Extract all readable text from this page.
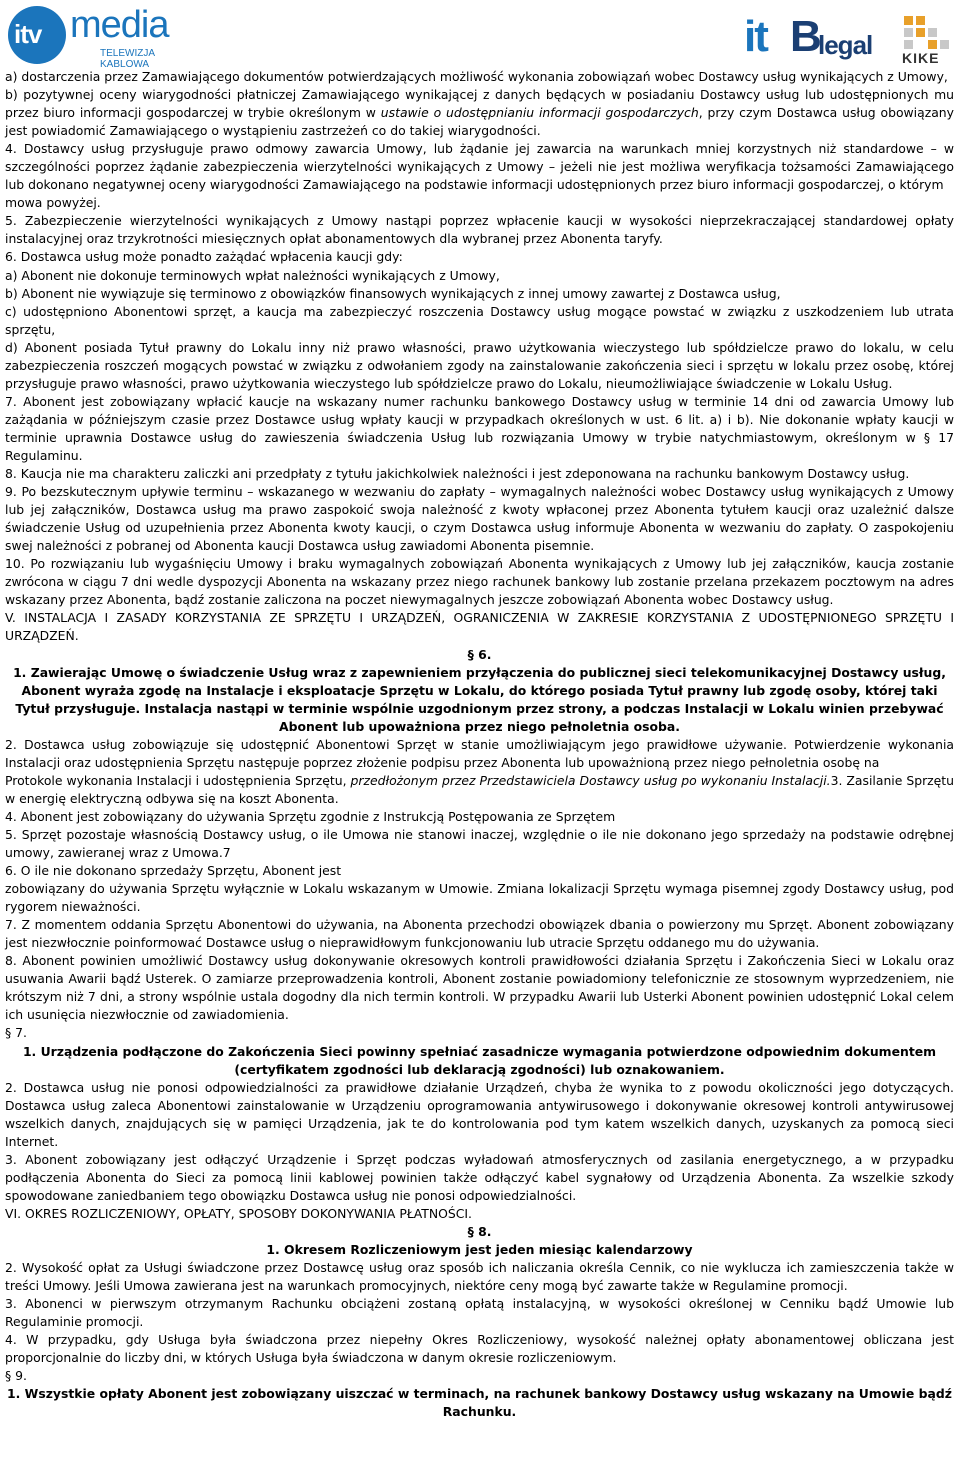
itv media
TELEWIZJA KABLOWA
it B
legal KIKE

a) dostarczenia przez Zamawiającego dokumentów potwierdzających możliwość wykonania zobowiązań wobec Dostawcy usług wynikających z Umowy,

b) pozytywnej oceny wiarygodności płatniczej Zamawiającego wynikającej z danych będących w posiadaniu Dostawcy usług lub udostępnionych mu przez biuro informacji gospodarczej w trybie określonym w ustawie o udostępnianiu informacji gospodarczych, przy czym Dostawca usług obowiązany jest powiadomić Zamawiającego o wystąpieniu zastrzeżeń co do takiej wiarygodności.

4. Dostawcy usług przysługuje prawo odmowy zawarcia Umowy, lub żądanie jej zawarcia na warunkach mniej korzystnych niż standardowe – w szczególności poprzez żądanie zabezpieczenia wierzytelności wynikających z Umowy – jeżeli nie jest możliwa weryfikacja tożsamości Zamawiającego lub dokonano negatywnej oceny wiarygodności Zamawiającego na podstawie informacji udostępnionych przez biuro informacji gospodarczej, o którym

mowa powyżej.

5. Zabezpieczenie wierzytelności wynikających z Umowy nastąpi poprzez wpłacenie kaucji w wysokości nieprzekraczającej standardowej opłaty instalacyjnej oraz trzykrotności miesięcznych opłat abonamentowych dla wybranej przez Abonenta taryfy.

6. Dostawca usług może ponadto zażądać wpłacenia kaucji gdy:

a) Abonent nie dokonuje terminowych wpłat należności wynikających z Umowy,

b) Abonent nie wywiązuje się terminowo z obowiązków finansowych wynikających z innej umowy zawartej z Dostawca usług,

c) udostępniono Abonentowi sprzęt, a kaucja ma zabezpieczyć roszczenia Dostawcy usług mogące powstać w związku z uszkodzeniem lub utrata sprzętu,

d) Abonent posiada Tytuł prawny do Lokalu inny niż prawo własności, prawo użytkowania wieczystego lub spółdzielcze prawo do lokalu, w celu zabezpieczenia roszczeń mogących powstać w związku z odwołaniem zgody na zainstalowanie zakończenia sieci i sprzętu w lokalu przez osobę, której przysługuje prawo własności, prawo użytkowania wieczystego lub spółdzielcze prawo do Lokalu, nieumożliwiające świadczenie w Lokalu Usług.

7. Abonent jest zobowiązany wpłacić kaucje na wskazany numer rachunku bankowego Dostawcy usług w terminie 14 dni od zawarcia Umowy lub zażądania w późniejszym czasie przez Dostawce usług wpłaty kaucji w przypadkach określonych w ust. 6 lit. a) i b). Nie dokonanie wpłaty kaucji w terminie uprawnia Dostawce usług do zawieszenia świadczenia Usług lub rozwiązania Umowy w trybie natychmiastowym, określonym w § 17 Regulaminu.

8. Kaucja nie ma charakteru zaliczki ani przedpłaty z tytułu jakichkolwiek należności i jest zdeponowana na rachunku bankowym Dostawcy usług.

9. Po bezskutecznym upływie terminu – wskazanego w wezwaniu do zapłaty – wymagalnych należności wobec Dostawcy usług wynikających z Umowy lub jej załączników, Dostawca usług ma prawo zaspokoić swoja należność z kwoty wpłaconej przez Abonenta tytułem kaucji oraz uzależnić dalsze świadczenie Usług od uzupełnienia przez Abonenta kwoty kaucji, o czym Dostawca usług informuje Abonenta w wezwaniu do zapłaty. O zaspokojeniu swej należności z pobranej od Abonenta kaucji Dostawca usług zawiadomi Abonenta pisemnie.

10. Po rozwiązaniu lub wygaśnięciu Umowy i braku wymagalnych zobowiązań Abonenta wynikających z Umowy lub jej załączników, kaucja zostanie zwrócona w ciągu 7 dni wedle dyspozycji Abonenta na wskazany przez niego rachunek bankowy lub zostanie przelana przekazem pocztowym na adres wskazany przez Abonenta, bądź zostanie zaliczona na poczet niewymagalnych jeszcze zobowiązań Abonenta wobec Dostawcy usług.

V. INSTALACJA I ZASADY KORZYSTANIA ZE SPRZĘTU I URZĄDZEŃ, OGRANICZENIA W ZAKRESIE KORZYSTANIA Z UDOSTĘPNIONEGO SPRZĘTU I URZĄDZEŃ.

§ 6.

1. Zawierając Umowę o świadczenie Usług wraz z zapewnieniem przyłączenia do publicznej sieci telekomunikacyjnej Dostawcy usług, Abonent wyraża zgodę na Instalacje i eksploatacje Sprzętu w Lokalu, do którego posiada Tytuł prawny lub zgodę osoby, której taki Tytuł przysługuje. Instalacja nastąpi w terminie wspólnie uzgodnionym przez strony, a podczas Instalacji w Lokalu winien przebywać Abonent lub upoważniona przez niego pełnoletnia osoba.

2. Dostawca usług zobowiązuje się udostępnić Abonentowi Sprzęt w stanie umożliwiającym jego prawidłowe używanie. Potwierdzenie wykonania Instalacji oraz udostępnienia Sprzętu następuje poprzez złożenie podpisu przez Abonenta lub upoważnioną przez niego pełnoletnia osobę na

Protokole wykonania Instalacji i udostępnienia Sprzętu, przedłożonym przez Przedstawiciela Dostawcy usług po wykonaniu Instalacji.3. Zasilanie Sprzętu w energię elektryczną odbywa się na koszt Abonenta.

4. Abonent jest zobowiązany do używania Sprzętu zgodnie z Instrukcją Postępowania ze Sprzętem

5. Sprzęt pozostaje własnością Dostawcy usług, o ile Umowa nie stanowi inaczej, względnie o ile nie dokonano jego sprzedaży na podstawie odrębnej umowy, zawieranej wraz z Umowa.7

6. O ile nie dokonano sprzedaży Sprzętu, Abonent jest

zobowiązany do używania Sprzętu wyłącznie w Lokalu wskazanym w Umowie. Zmiana lokalizacji Sprzętu wymaga pisemnej zgody Dostawcy usług, pod rygorem nieważności.

7. Z momentem oddania Sprzętu Abonentowi do używania, na Abonenta przechodzi obowiązek dbania o powierzony mu Sprzęt. Abonent zobowiązany jest niezwłocznie poinformować Dostawce usług o nieprawidłowym funkcjonowaniu lub utracie Sprzętu oddanego mu do używania.

8. Abonent powinien umożliwić Dostawcy usług dokonywanie okresowych kontroli prawidłowości działania Sprzętu i Zakończenia Sieci w Lokalu oraz usuwania Awarii bądź Usterek. O zamiarze przeprowadzenia kontroli, Abonent zostanie powiadomiony telefonicznie ze stosownym wyprzedzeniem, nie krótszym niż 7 dni, a strony wspólnie ustala dogodny dla nich termin kontroli. W przypadku Awarii lub Usterki Abonent powinien udostępnić Lokal celem ich usunięcia niezwłocznie od zawiadomienia.

§ 7.

1. Urządzenia podłączone do Zakończenia Sieci powinny spełniać zasadnicze wymagania potwierdzone odpowiednim dokumentem (certyfikatem zgodności lub deklaracją zgodności) lub oznakowaniem.

2. Dostawca usług nie ponosi odpowiedzialności za prawidłowe działanie Urządzeń, chyba że wynika to z powodu okoliczności jego dotyczących. Dostawca usług zaleca Abonentowi zainstalowanie w Urządzeniu oprogramowania antywirusowego i dokonywanie okresowej kontroli antywirusowej wszelkich danych, znajdujących się w pamięci Urządzenia, jak te do kontrolowania pod tym katem wszelkich danych, uzyskanych za pomocą sieci Internet.

3. Abonent zobowiązany jest odłączyć Urządzenie i Sprzęt podczas wyładowań atmosferycznych od zasilania energetycznego, a w przypadku podłączenia Abonenta do Sieci za pomocą linii kablowej powinien także odłączyć kabel sygnałowy od Urządzenia Abonenta. Za wszelkie szkody spowodowane zaniedbaniem tego obowiązku Dostawca usług nie ponosi odpowiedzialności.

VI. OKRES ROZLICZENIOWY, OPŁATY, SPOSOBY DOKONYWANIA PŁATNOŚCI.

§ 8.

1. Okresem Rozliczeniowym jest jeden miesiąc kalendarzowy

2. Wysokość opłat za Usługi świadczone przez Dostawcę usług oraz sposób ich naliczania określa Cennik, co nie wyklucza ich zamieszczenia także w treści Umowy. Jeśli Umowa zawierana jest na warunkach promocyjnych, niektóre ceny mogą być zawarte także w Regulamine promocji.

3. Abonenci w pierwszym otrzymanym Rachunku obciążeni zostaną opłatą instalacyjną, w wysokości określonej w Cenniku bądź Umowie lub Regulaminie promocji.

4. W przypadku, gdy Usługa była świadczona przez niepełny Okres Rozliczeniowy, wysokość należnej opłaty abonamentowej obliczana jest proporcjonalnie do liczby dni, w których Usługa była świadczona w danym okresie rozliczeniowym.

§ 9.

1. Wszystkie opłaty Abonent jest zobowiązany uiszczać w terminach, na rachunek bankowy Dostawcy usług wskazany na Umowie bądź Rachunku.
